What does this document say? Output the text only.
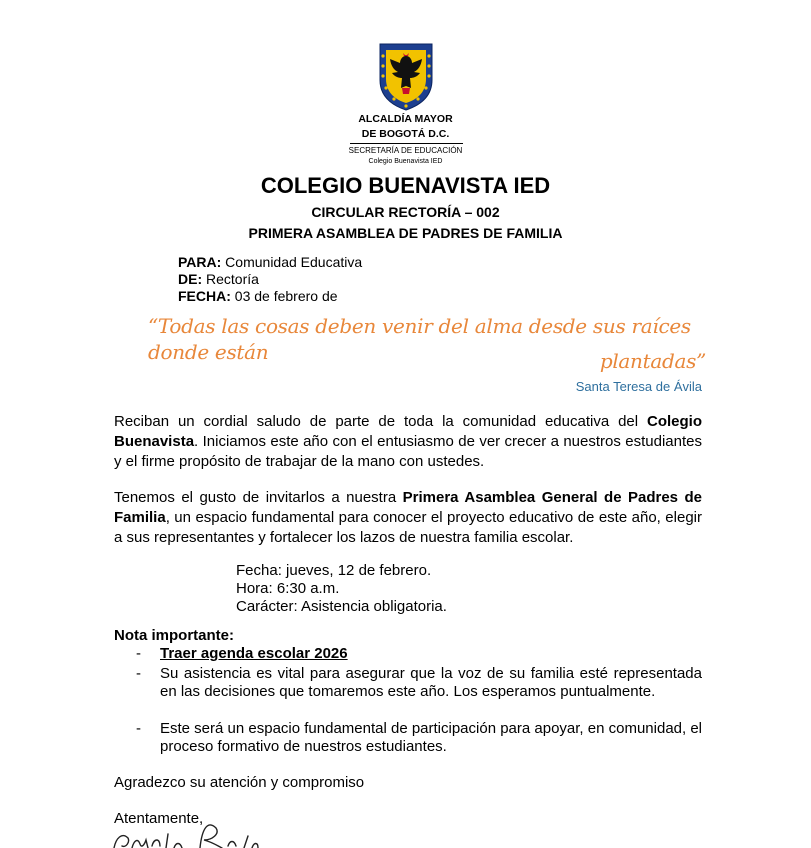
ALCALDÍA MAYOR
DE BOGOTÁ D.C.
SECRETARÍA DE EDUCACIÓN
Colegio Buenavista IED
COLEGIO BUENAVISTA IED
CIRCULAR RECTORÍA – 002
PRIMERA ASAMBLEA DE PADRES DE FAMILIA
PARA: Comunidad Educativa
DE: Rectoría
FECHA: 03 de febrero de
“Todas las cosas deben venir del alma desde sus raíces donde están	plantadas”
Santa Teresa de Ávila

Reciban un cordial saludo de parte de toda la comunidad educativa del Colegio Buenavista. Iniciamos este año con el entusiasmo de ver crecer a nuestros estudiantes y el firme propósito de trabajar de la mano con ustedes.

Tenemos el gusto de invitarlos a nuestra Primera Asamblea General de Padres de Familia, un espacio fundamental para conocer el proyecto educativo de este año, elegir a sus representantes y fortalecer los lazos de nuestra familia escolar.

Fecha: jueves, 12 de febrero.
Hora: 6:30 a.m.
Carácter: Asistencia obligatoria.
Nota importante:
- Traer agenda escolar 2026
- Su asistencia es vital para asegurar que la voz de su familia esté representada en las decisiones que tomaremos este año. Los esperamos puntualmente.
- Este será un espacio fundamental de participación para apoyar, en comunidad, el proceso formativo de nuestros estudiantes.
Agradezco su atención y compromiso
Atentamente,
